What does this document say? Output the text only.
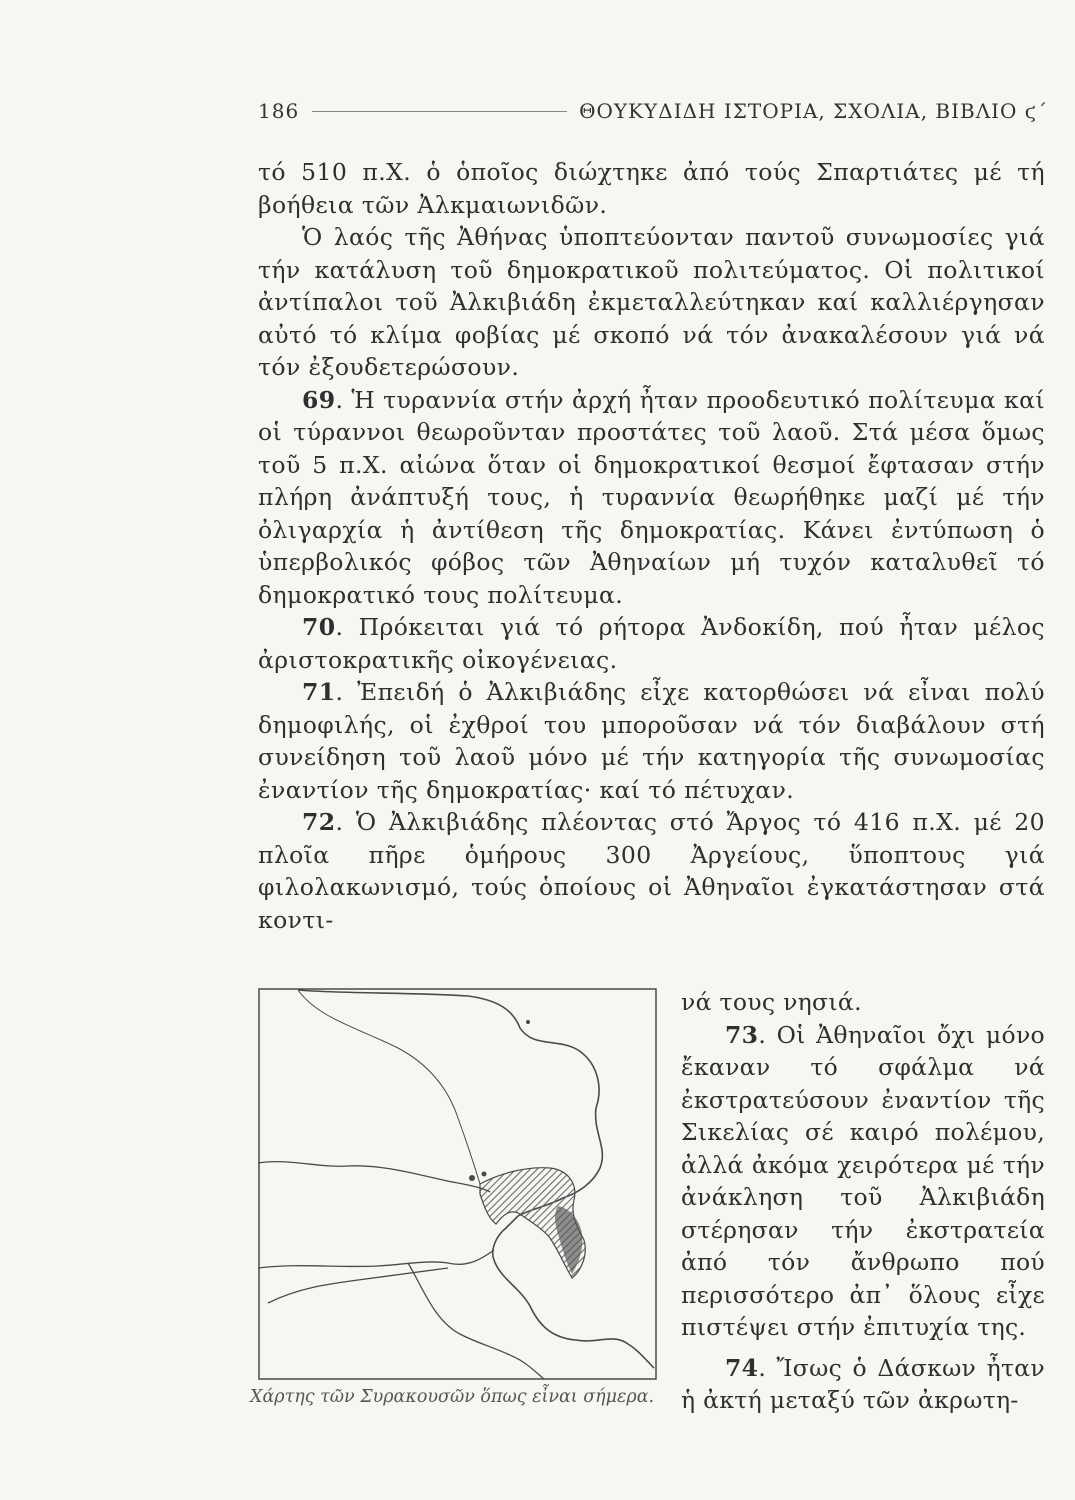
186	ΘΟΥΚΥΔΙΔΗ ΙΣΤΟΡΙΑ, ΣΧΟΛΙΑ, ΒΙΒΛΙΟ ϛ΄

τό 510 π.Χ. ὁ ὁποῖος διώχτηκε ἀπό τούς Σπαρτιάτες μέ τή βοήθεια τῶν Ἀλκμαιωνιδῶν.

Ὁ λαός τῆς Ἀθήνας ὑποπτεύονταν παντοῦ συνωμοσίες γιά τήν κατάλυση τοῦ δημοκρατικοῦ πολιτεύματος. Οἱ πολιτικοί ἀντίπαλοι τοῦ Ἀλκιβιάδη ἐκμεταλλεύτηκαν καί καλλιέργησαν αὐτό τό κλίμα φοβίας μέ σκοπό νά τόν ἀνακαλέσουν γιά νά τόν ἐξουδετερώσουν.

69. Ἡ τυραννία στήν ἀρχή ἦταν προοδευτικό πολίτευμα καί οἱ τύραννοι θεωροῦνταν προστάτες τοῦ λαοῦ. Στά μέσα ὅμως τοῦ 5 π.Χ. αἰώνα ὅταν οἱ δημοκρατικοί θεσμοί ἔφτασαν στήν πλήρη ἀνάπτυξή τους, ἡ τυραννία θεωρήθηκε μαζί μέ τήν ὀλιγαρχία ἡ ἀντίθεση τῆς δημοκρατίας. Κάνει ἐντύπωση ὁ ὑπερβολικός φόβος τῶν Ἀθηναίων μή τυχόν καταλυθεῖ τό δημοκρατικό τους πολίτευμα.

70. Πρόκειται γιά τό ρήτορα Ἀνδοκίδη, πού ἦταν μέλος ἀριστοκρατικῆς οἰκογένειας.

71. Ἐπειδή ὁ Ἀλκιβιάδης εἶχε κατορθώσει νά εἶναι πολύ δημοφιλής, οἱ ἐχθροί του μποροῦσαν νά τόν διαβάλουν στή συνείδηση τοῦ λαοῦ μόνο μέ τήν κατηγορία τῆς συνωμοσίας ἐναντίον τῆς δημοκρατίας· καί τό πέτυχαν.

72. Ὁ Ἀλκιβιάδης πλέοντας στό Ἄργος τό 416 π.Χ. μέ 20 πλοῖα πῆρε ὁμήρους 300 Ἀργείους, ὕποπτους γιά φιλολακωνισμό, τούς ὁποίους οἱ Ἀθηναῖοι ἐγκατάστησαν στά κοντι-

νά τους νησιά.

73. Οἱ Ἀθηναῖοι ὄχι μόνο ἔκαναν τό σφάλμα νά ἐκστρατεύσουν ἐναντίον τῆς Σικελίας σέ καιρό πολέμου, ἀλλά ἀκόμα χειρότερα μέ τήν ἀνάκληση τοῦ Ἀλκιβιάδη στέρησαν τήν ἐκστρατεία ἀπό τόν ἄνθρωπο πού περισσότερο ἀπ᾽ ὅλους εἶχε πιστέψει στήν ἐπιτυχία της.

74. Ἴσως ὁ Δάσκων ἦταν ἡ ἀκτή μεταξύ τῶν ἀκρωτη-

Χάρτης τῶν Συρακουσῶν ὅπως εἶναι σήμερα.
